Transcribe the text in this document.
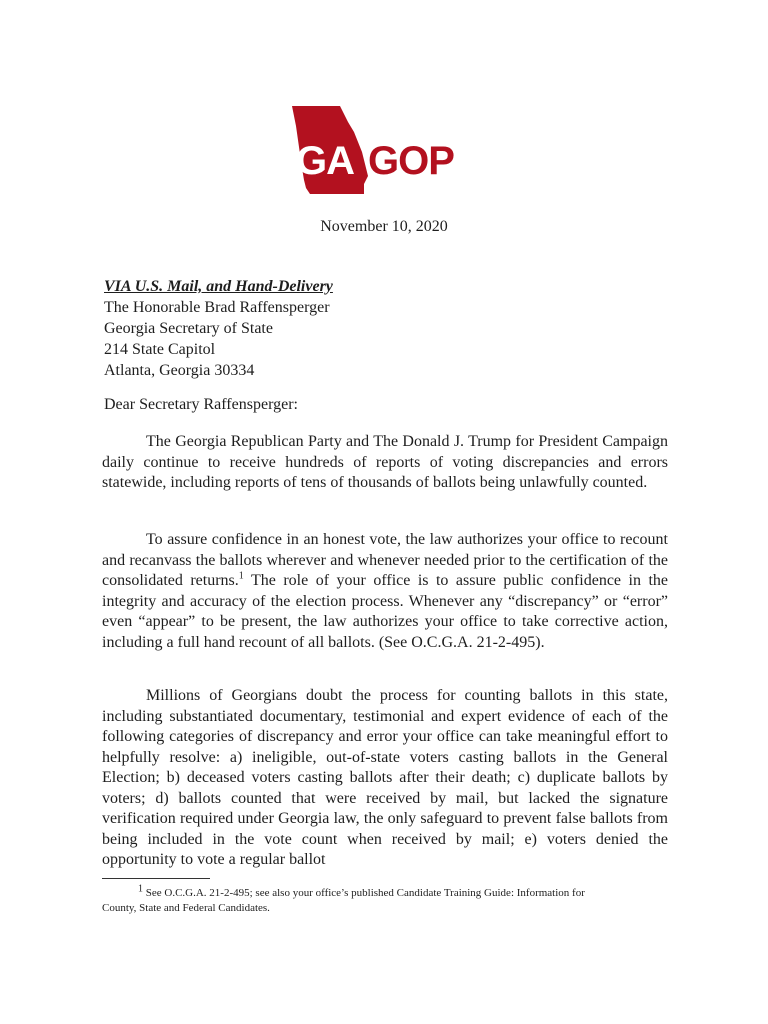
GA GOP
November 10, 2020
VIA U.S. Mail, and Hand-Delivery
The Honorable Brad Raffensperger
Georgia Secretary of State
214 State Capitol
Atlanta, Georgia 30334
Dear Secretary Raffensperger:
The Georgia Republican Party and The Donald J. Trump for President Campaign daily continue to receive hundreds of reports of voting discrepancies and errors statewide, including reports of tens of thousands of ballots being unlawfully counted.
To assure confidence in an honest vote, the law authorizes your office to recount and recanvass the ballots wherever and whenever needed prior to the certification of the consolidated returns.$^1$ The role of your office is to assure public confidence in the integrity and accuracy of the election process. Whenever any “discrepancy” or “error” even “appear” to be present, the law authorizes your office to take corrective action, including a full hand recount of all ballots. (See O.C.G.A. 21-2-495).
Millions of Georgians doubt the process for counting ballots in this state, including substantiated documentary, testimonial and expert evidence of each of the following categories of discrepancy and error your office can take meaningful effort to helpfully resolve: a) ineligible, out-of-state voters casting ballots in the General Election; b) deceased voters casting ballots after their death; c) duplicate ballots by voters; d) ballots counted that were received by mail, but lacked the signature verification required under Georgia law, the only safeguard to prevent false ballots from being included in the vote count when received by mail; e) voters denied the opportunity to vote a regular ballot
$^1$ See O.C.G.A. 21-2-495; see also your office’s published Candidate Training Guide: Information for County, State and Federal Candidates.
